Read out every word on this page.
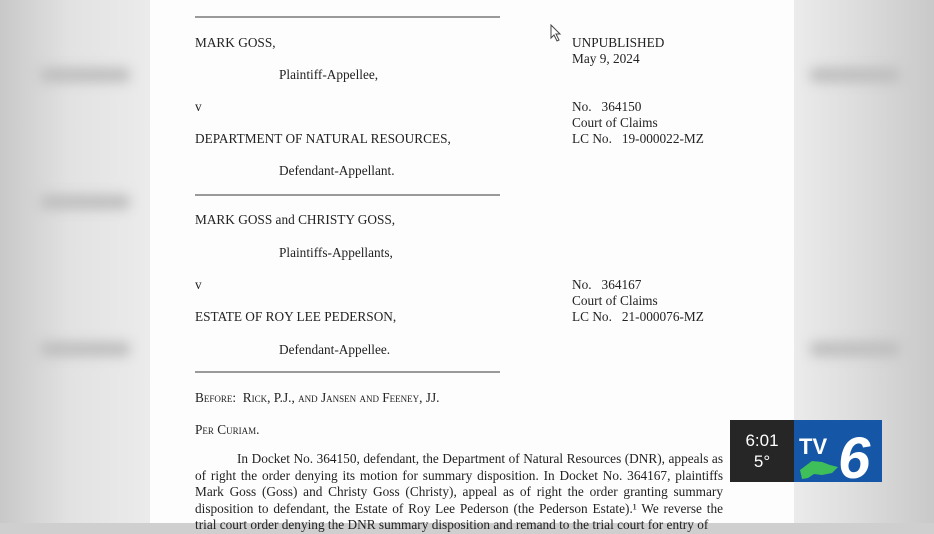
MARK GOSS,
Plaintiff-Appellee,
v
DEPARTMENT OF NATURAL RESOURCES,
Defendant-Appellant.
UNPUBLISHED
May 9, 2024
No.   364150
Court of Claims
LC No.   19-000022-MZ
MARK GOSS and CHRISTY GOSS,
Plaintiffs-Appellants,
v
ESTATE OF ROY LEE PEDERSON,
Defendant-Appellee.
No.   364167
Court of Claims
LC No.   21-000076-MZ
Before:  Rick, P.J., and Jansen and Feeney, JJ.
Per Curiam.

In Docket No. 364150, defendant, the Department of Natural Resources (DNR), appeals as of right the order denying its motion for summary disposition. In Docket No. 364167, plaintiffs Mark Goss (Goss) and Christy Goss (Christy), appeal as of right the order granting summary disposition to defendant, the Estate of Roy Lee Pederson (the Pederson Estate).¹ We reverse the trial court order denying the DNR summary disposition and remand to the trial court for entry of

6:01
5°
TV 6
